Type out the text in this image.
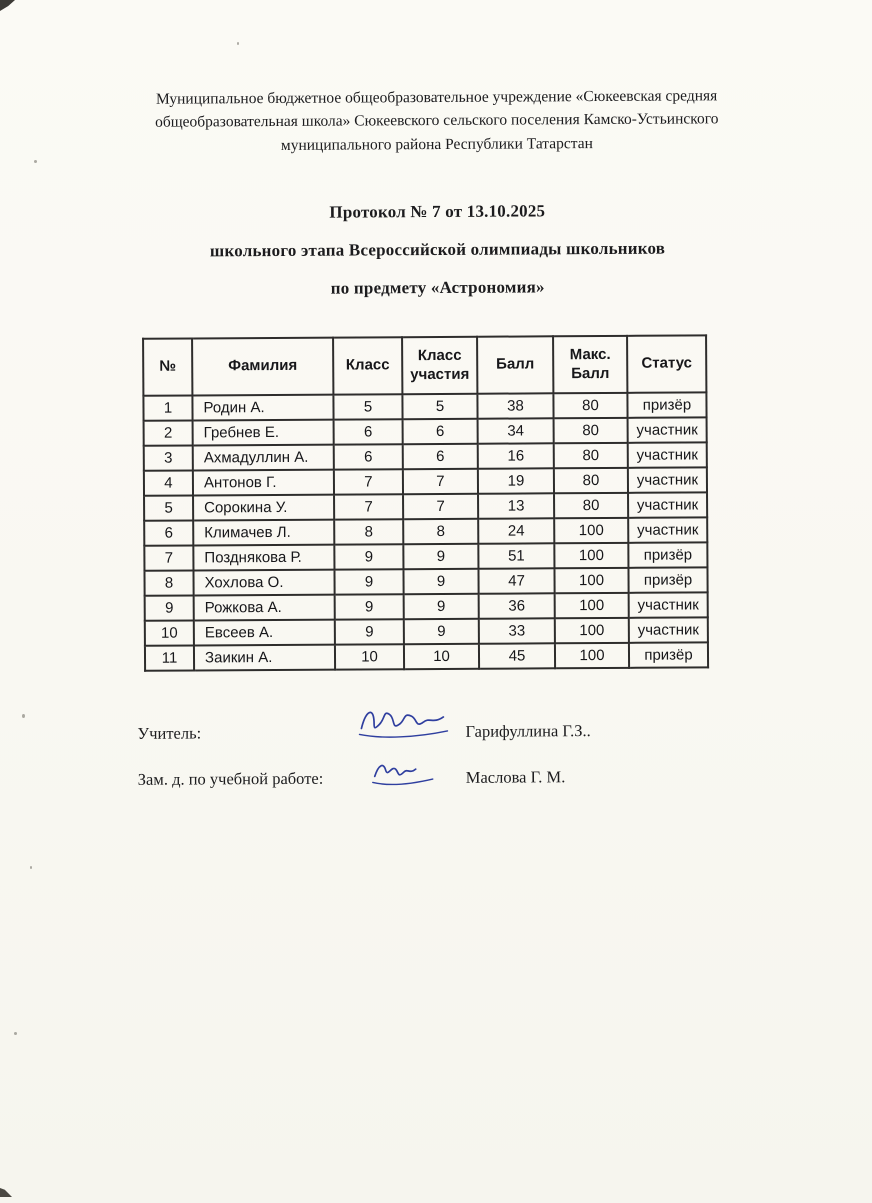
Муниципальное бюджетное общеобразовательное учреждение «Сюкеевская средняя общеобразовательная школа» Сюкеевского сельского поселения Камско-Устьинского муниципального района Республики Татарстан

Протокол № 7 от 13.10.2025
школьного этапа Всероссийской олимпиады школьников
по предмету «Астрономия»
№	Фамилия	Класс	Класс участия	Балл	Макс. Балл	Статус
1	Родин А.	5	5	38	80	призёр
2	Гребнев Е.	6	6	34	80	участник
3	Ахмадуллин А.	6	6	16	80	участник
4	Антонов Г.	7	7	19	80	участник
5	Сорокина У.	7	7	13	80	участник
6	Климачев Л.	8	8	24	100	участник
7	Позднякова Р.	9	9	51	100	призёр
8	Хохлова О.	9	9	47	100	призёр
9	Рожкова А.	9	9	36	100	участник
10	Евсеев А.	9	9	33	100	участник
11	Заикин А.	10	10	45	100	призёр
Учитель:	Гарифуллина Г.З..
Зам. д. по учебной работе:	Маслова Г. М.
